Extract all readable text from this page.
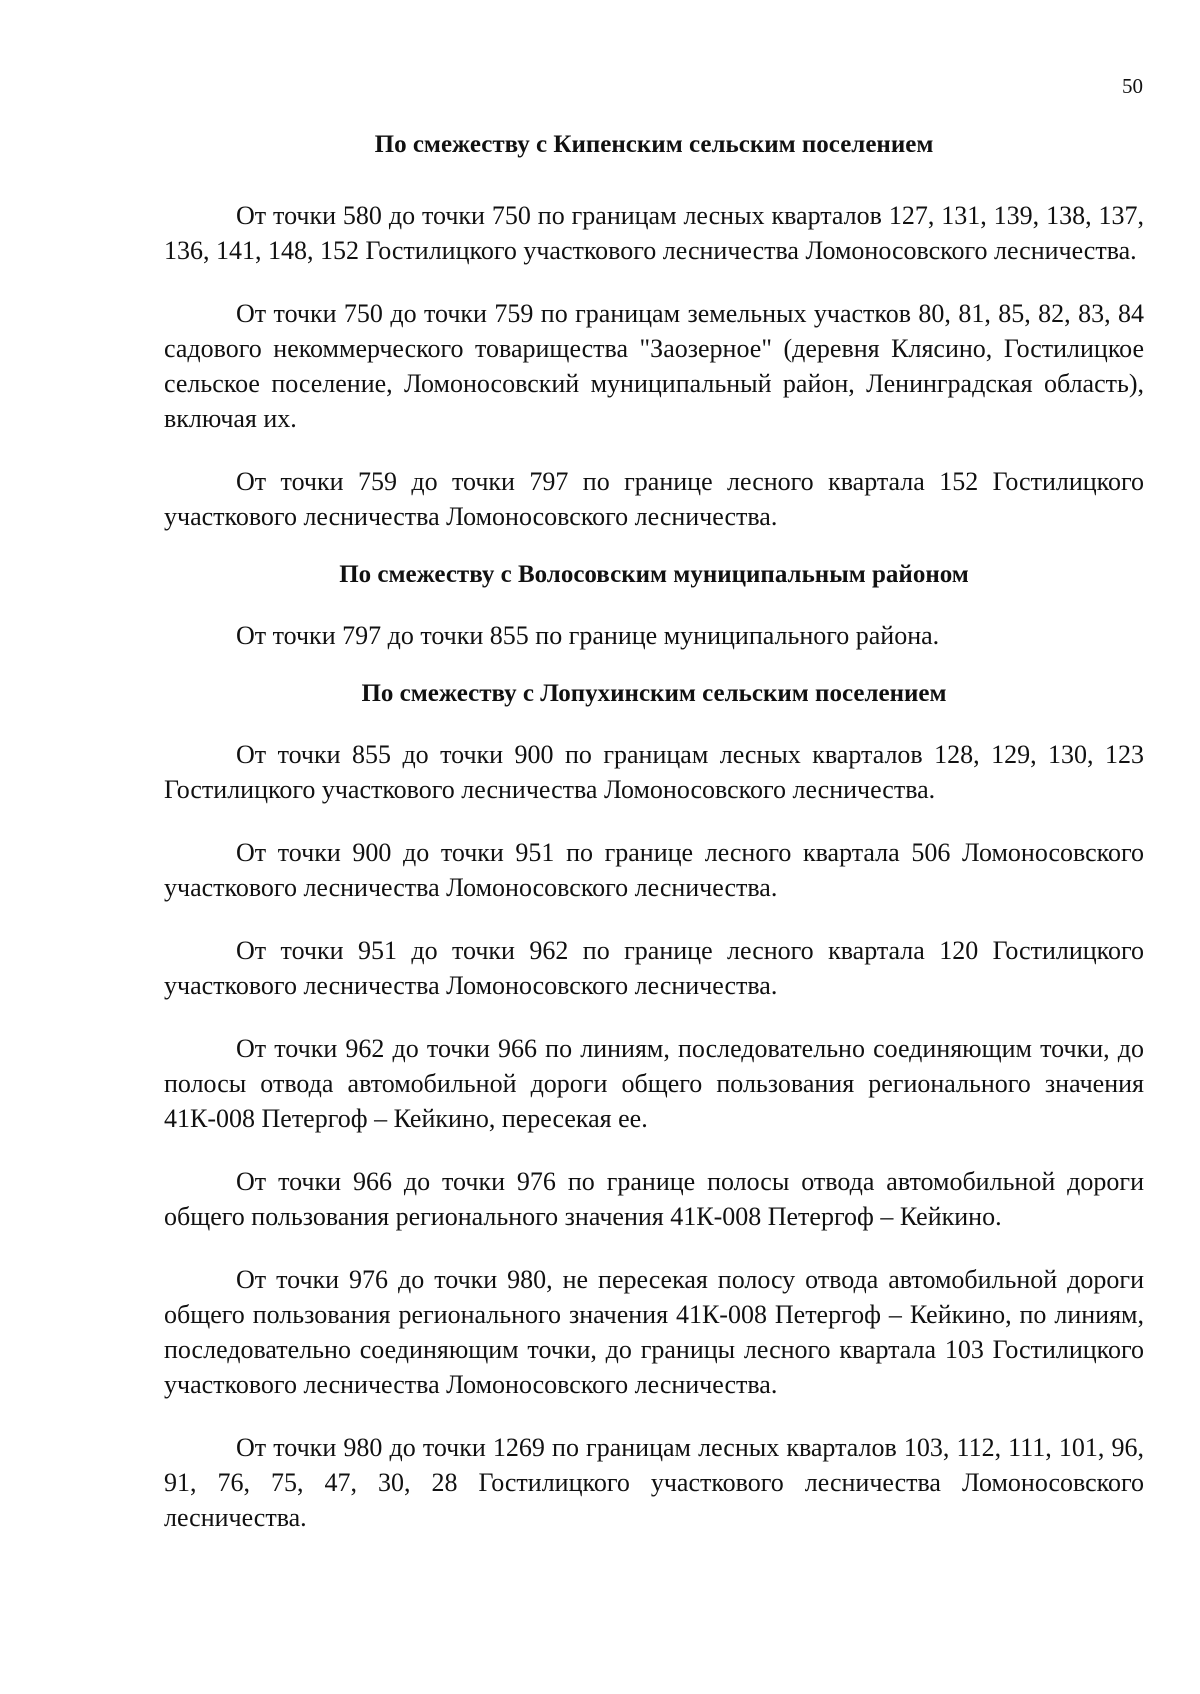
50
По смежеству с Кипенским сельским поселением

От точки 580 до точки 750 по границам лесных кварталов 127, 131, 139, 138, 137, 136, 141, 148, 152 Гостилицкого участкового лесничества Ломоносовского лесничества.

От точки 750 до точки 759 по границам земельных участков 80, 81, 85, 82, 83, 84 садового некоммерческого товарищества "Заозерное" (деревня Клясино, Гостилицкое сельское поселение, Ломоносовский муниципальный район, Ленинградская область), включая их.

От точки 759 до точки 797 по границе лесного квартала 152 Гостилицкого участкового лесничества Ломоносовского лесничества.

По смежеству с Волосовским муниципальным районом

От точки 797 до точки 855 по границе муниципального района.

По смежеству с Лопухинским сельским поселением

От точки 855 до точки 900 по границам лесных кварталов 128, 129, 130, 123 Гостилицкого участкового лесничества Ломоносовского лесничества.

От точки 900 до точки 951 по границе лесного квартала 506 Ломоносовского участкового лесничества Ломоносовского лесничества.

От точки 951 до точки 962 по границе лесного квартала 120 Гостилицкого участкового лесничества Ломоносовского лесничества.

От точки 962 до точки 966 по линиям, последовательно соединяющим точки, до полосы отвода автомобильной дороги общего пользования регионального значения 41К-008 Петергоф – Кейкино, пересекая ее.

От точки 966 до точки 976 по границе полосы отвода автомобильной дороги общего пользования регионального значения 41К-008 Петергоф – Кейкино.

От точки 976 до точки 980, не пересекая полосу отвода автомобильной дороги общего пользования регионального значения 41К-008 Петергоф – Кейкино, по линиям, последовательно соединяющим точки, до границы лесного квартала 103 Гостилицкого участкового лесничества Ломоносовского лесничества.

От точки 980 до точки 1269 по границам лесных кварталов 103, 112, 111, 101, 96, 91, 76, 75, 47, 30, 28 Гостилицкого участкового лесничества Ломоносовского лесничества.
